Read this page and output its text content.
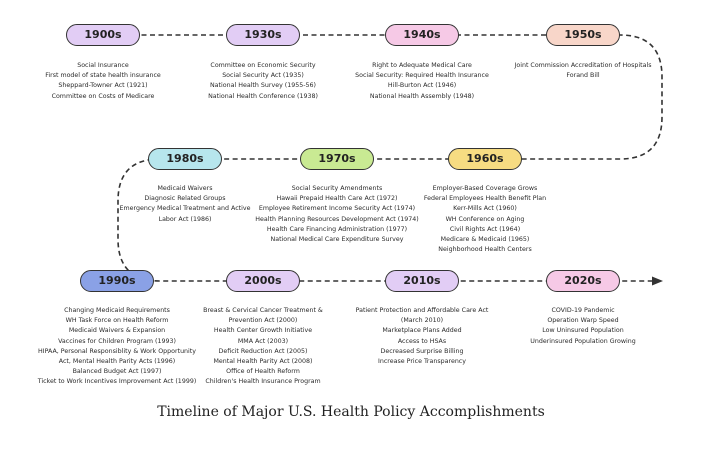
1900s
Social Insurance
First model of state health insurance
Sheppard-Towner Act (1921)
Committee on Costs of Medicare
1930s
Committee on Economic Security
Social Security Act (1935)
National Health Survey (1955-56)
National Health Conference (1938)
1940s
Right to Adequate Medical Care
Social Security: Required Health Insurance
Hill-Burton Act (1946)
National Health Assembly (1948)
1950s
Joint Commission Accreditation of Hospitals
Forand Bill
1960s
Employer-Based Coverage Grows
Federal Employees Health Benefit Plan
Kerr-Mills Act (1960)
WH Conference on Aging
Civil Rights Act (1964)
Medicare & Medicaid (1965)
Neighborhood Health Centers
1970s
Social Security Amendments
Hawaii Prepaid Health Care Act (1972)
Employee Retirement Income Security Act (1974)
Health Planning Resources Development Act (1974)
Health Care Financing Administration (1977)
National Medical Care Expenditure Survey
1980s
Medicaid Waivers
Diagnosic Related Groups
Emergency Medical Treatment and Active Labor Act (1986)
1990s
Changing Medicaid Requirements
WH Task Force on Health Reform
Medicaid Waivers & Expansion
Vaccines for Children Program (1993)
HIPAA, Personal Responsiblity & Work Opportunity Act, Mental Health Parity Acts (1996)
Balanced Budget Act (1997)
Ticket to Work Incentives Improvement Act (1999)
2000s
Breast & Cervical Cancer Treatment & Prevention Act (2000)
Health Center Growth Initiative
MMA Act (2003)
Deficit Reduction Act (2005)
Mental Health Parity Act (2008)
Office of Health Reform
Children's Health Insurance Program
2010s
Patient Protection and Affordable Care Act (March 2010)
Marketplace Plans Added
Access to HSAs
Decreased Surprise Billing
Increase Price Transparency
2020s
COVID-19 Pandemic
Operation Warp Speed
Low Uninsured Population
Underinsured Population Growing
Timeline of Major U.S. Health Policy Accomplishments
